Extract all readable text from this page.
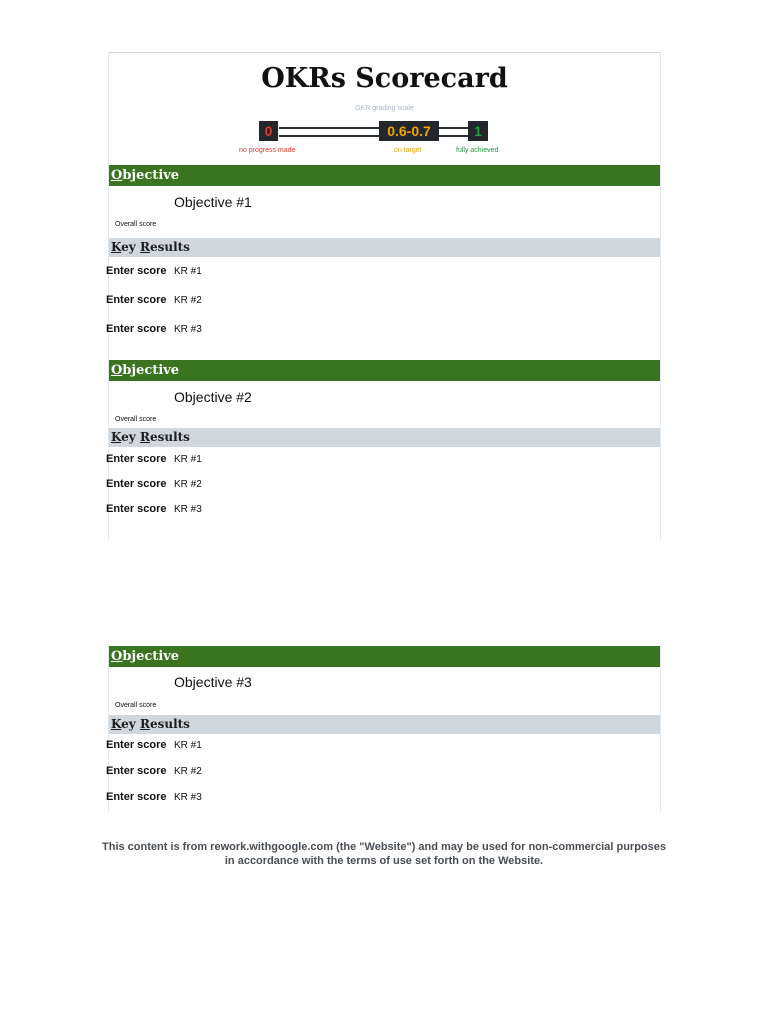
OKRs Scorecard
OKR grading scale
0	0.6-0.7	1
no progress made	on target	fully achieved
Objective
Objective #1
Overall score
Key Results
Enter score KR #1
Enter score KR #2
Enter score KR #3
Objective
Objective #2
Overall score
Key Results
Enter score KR #1
Enter score KR #2
Enter score KR #3
Objective
Objective #3
Overall score
Key Results
Enter score KR #1
Enter score KR #2
Enter score KR #3
This content is from rework.withgoogle.com (the "Website") and may be used for non-commercial purposes in accordance with the terms of use set forth on the Website.
